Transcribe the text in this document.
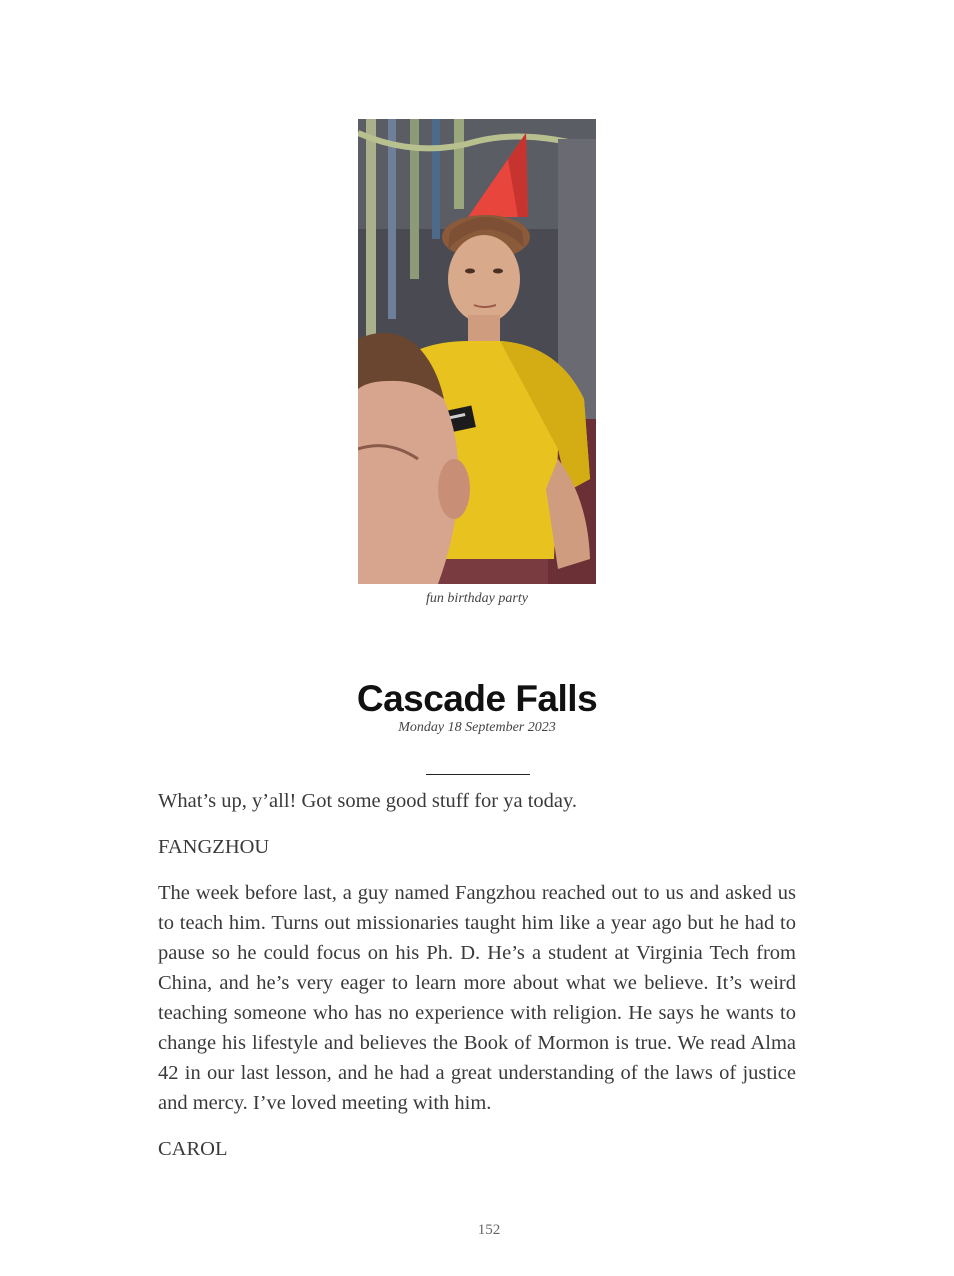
fun birthday party
Cascade Falls
Monday 18 September 2023

What’s up, y’all! Got some good stuff for ya today.

FANGZHOU

The week before last, a guy named Fangzhou reached out to us and asked us to teach him. Turns out missionaries taught him like a year ago but he had to pause so he could focus on his Ph. D. He’s a student at Virginia Tech from China, and he’s very eager to learn more about what we believe. It’s weird teaching someone who has no experience with religion. He says he wants to change his lifestyle and believes the Book of Mormon is true. We read Alma 42 in our last lesson, and he had a great understanding of the laws of justice and mercy. I’ve loved meeting with him.

CAROL

152
